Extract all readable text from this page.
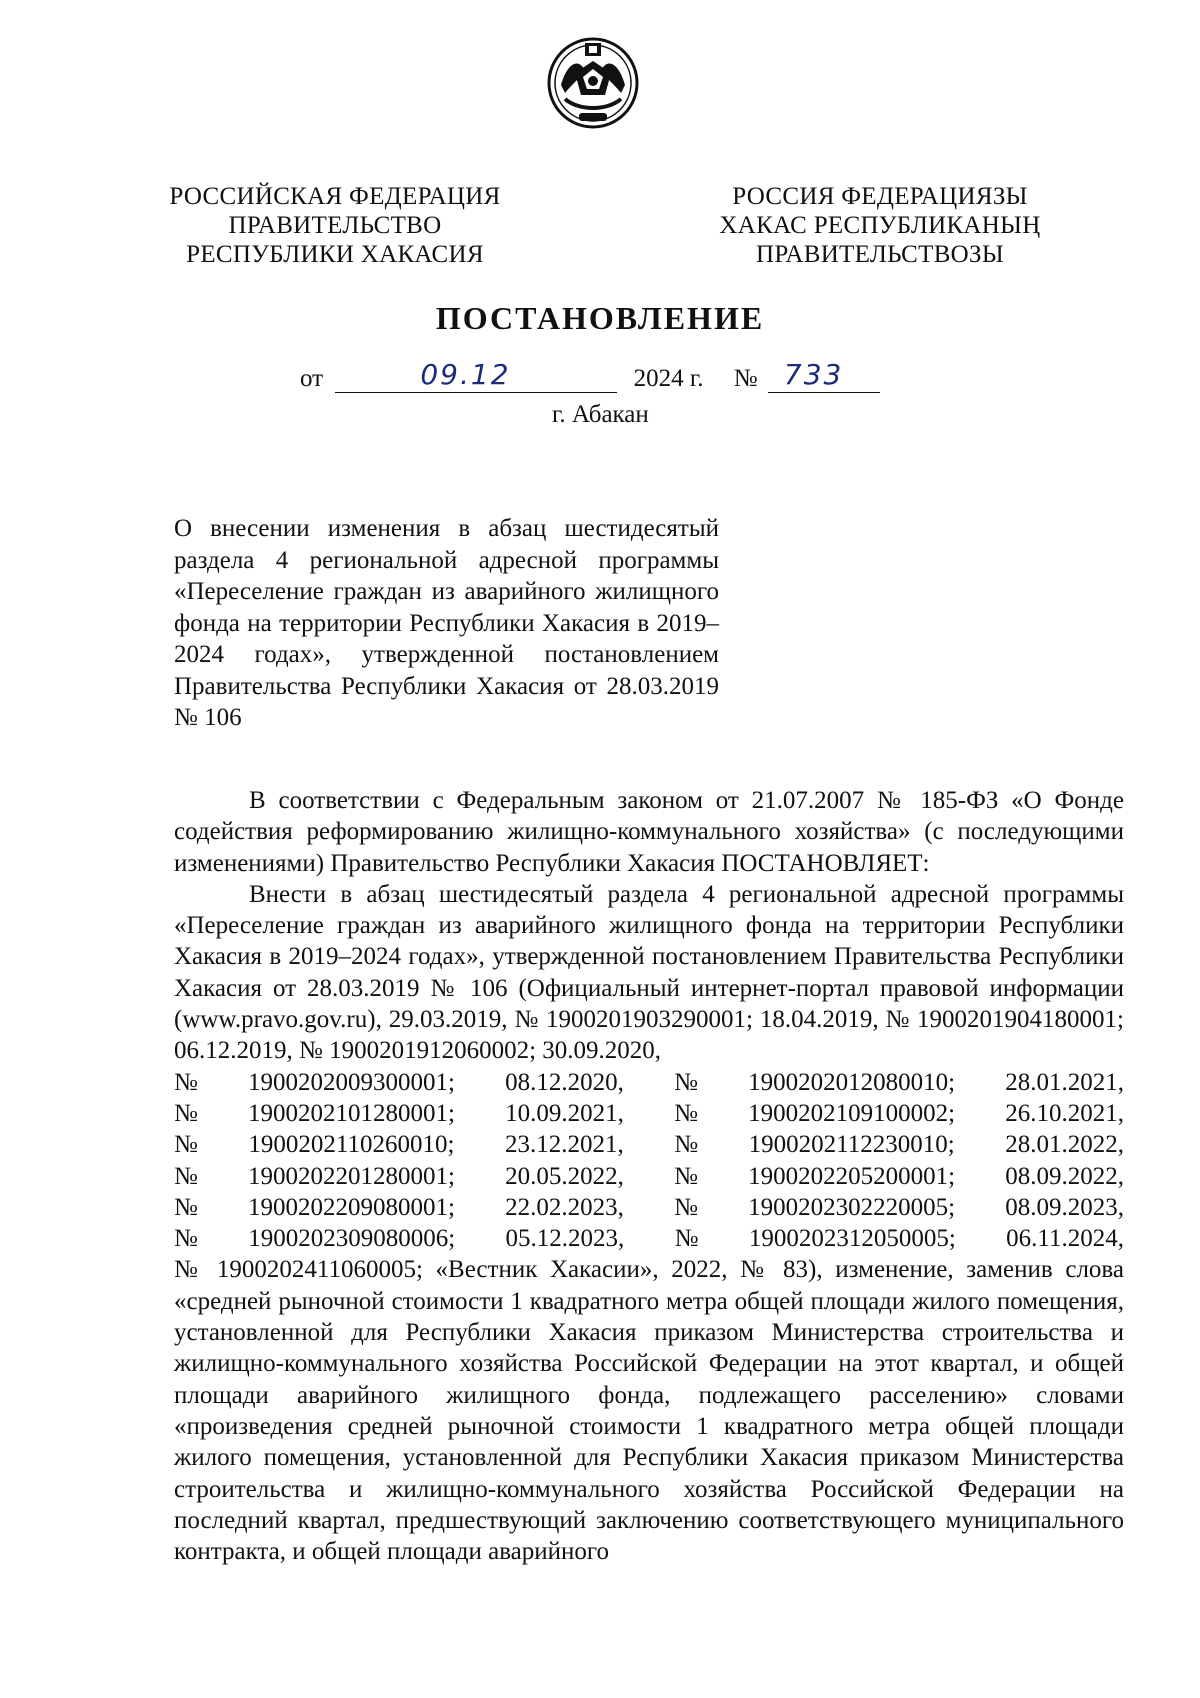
РОССИЙСКАЯ ФЕДЕРАЦИЯ
ПРАВИТЕЛЬСТВО
РЕСПУБЛИКИ ХАКАСИЯ
РОССИЯ ФЕДЕРАЦИЯЗЫ
ХАКАС РЕСПУБЛИКАНЫҢ
ПРАВИТЕЛЬСТВОЗЫ
ПОСТАНОВЛЕНИЕ
от	09.12	2024 г. № 733
г. Абакан
О внесении изменения в абзац шестидесятый раздела 4 региональной адресной программы «Переселение граждан из аварийного жилищного фонда на территории Республики Хакасия в 2019–2024 годах», утвержденной постановлением Правительства Республики Хакасия от 28.03.2019 № 106

В соответствии с Федеральным законом от 21.07.2007 № 185-ФЗ «О Фонде содействия реформированию жилищно-коммунального хозяйства» (с последующими изменениями) Правительство Республики Хакасия ПОСТАНОВЛЯЕТ:

Внести в абзац шестидесятый раздела 4 региональной адресной программы «Переселение граждан из аварийного жилищного фонда на территории Республики Хакасия в 2019–2024 годах», утвержденной постановлением Правительства Республики Хакасия от 28.03.2019 № 106 (Официальный интернет-портал правовой информации (www.pravo.gov.ru), 29.03.2019, № 1900201903290001; 18.04.2019, № 1900201904180001; 06.12.2019, № 1900201912060002; 30.09.2020,

№ 1900202009300001; 08.12.2020, № 1900202012080010; 28.01.2021,
№ 1900202101280001; 10.09.2021, № 1900202109100002; 26.10.2021,
№ 1900202110260010; 23.12.2021, № 1900202112230010; 28.01.2022,
№ 1900202201280001; 20.05.2022, № 1900202205200001; 08.09.2022,
№ 1900202209080001; 22.02.2023, № 1900202302220005; 08.09.2023,
№ 1900202309080006; 05.12.2023, № 1900202312050005; 06.11.2024,

№ 1900202411060005; «Вестник Хакасии», 2022, № 83), изменение, заменив слова «средней рыночной стоимости 1 квадратного метра общей площади жилого помещения, установленной для Республики Хакасия приказом Министерства строительства и жилищно-коммунального хозяйства Российской Федерации на этот квартал, и общей площади аварийного жилищного фонда, подлежащего расселению» словами «произведения средней рыночной стоимости 1 квадратного метра общей площади жилого помещения, установленной для Республики Хакасия приказом Министерства строительства и жилищно-коммунального хозяйства Российской Федерации на последний квартал, предшествующий заключению соответствующего муниципального контракта, и общей площади аварийного
